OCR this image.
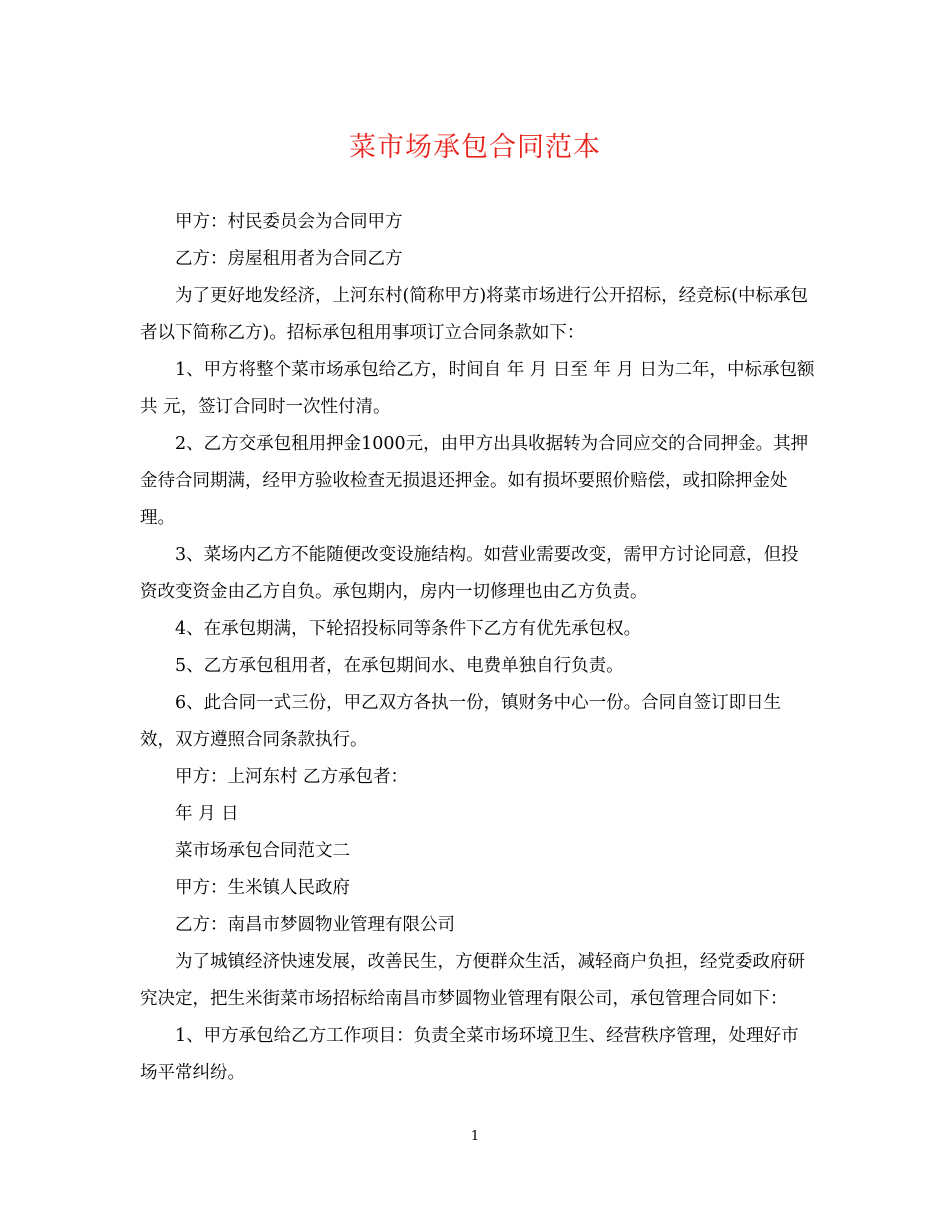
菜市场承包合同范本

甲方：村民委员会为合同甲方

乙方：房屋租用者为合同乙方

为了更好地发经济，上河东村(简称甲方)将菜市场进行公开招标，经竞标(中标承包者以下简称乙方)。招标承包租用事项订立合同条款如下：

1、甲方将整个菜市场承包给乙方，时间自 年 月 日至 年 月 日为二年，中标承包额共 元，签订合同时一次性付清。

2、乙方交承包租用押金1000元，由甲方出具收据转为合同应交的合同押金。其押金待合同期满，经甲方验收检查无损退还押金。如有损坏要照价赔偿，或扣除押金处理。

3、菜场内乙方不能随便改变设施结构。如营业需要改变，需甲方讨论同意，但投资改变资金由乙方自负。承包期内，房内一切修理也由乙方负责。

4、在承包期满，下轮招投标同等条件下乙方有优先承包权。

5、乙方承包租用者，在承包期间水、电费单独自行负责。

6、此合同一式三份，甲乙双方各执一份，镇财务中心一份。合同自签订即日生效，双方遵照合同条款执行。

甲方：上河东村 乙方承包者：

年 月 日

菜市场承包合同范文二

甲方：生米镇人民政府

乙方：南昌市梦圆物业管理有限公司

为了城镇经济快速发展，改善民生，方便群众生活，减轻商户负担，经党委政府研究决定，把生米街菜市场招标给南昌市梦圆物业管理有限公司，承包管理合同如下：

1、甲方承包给乙方工作项目：负责全菜市场环境卫生、经营秩序管理，处理好市场平常纠纷。

1
